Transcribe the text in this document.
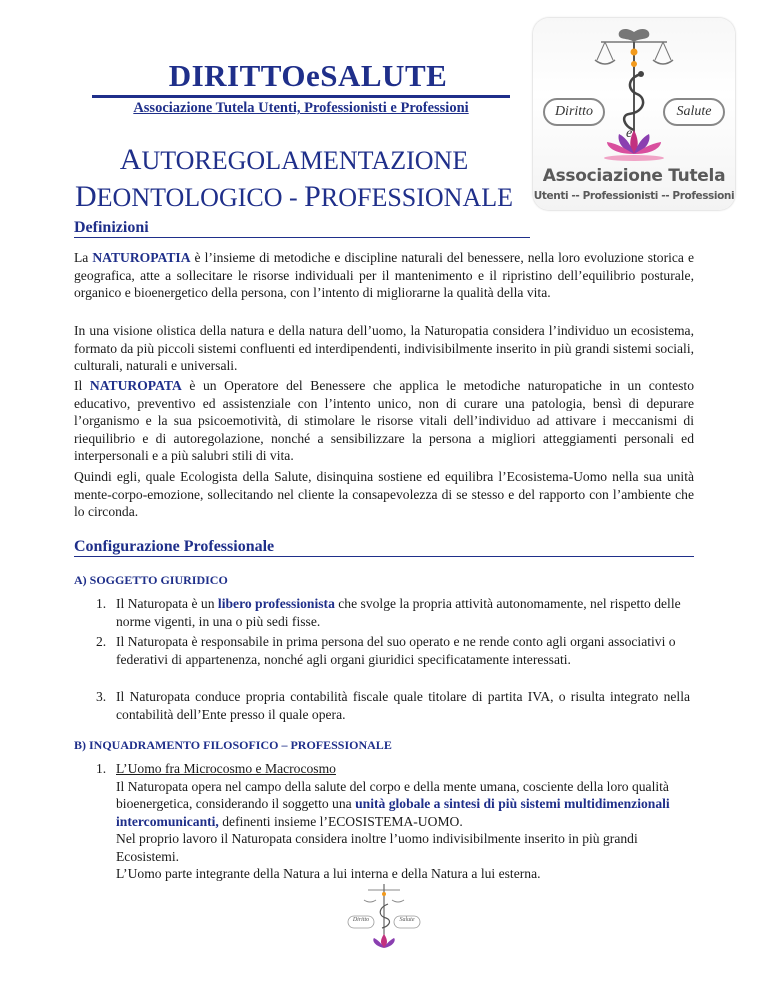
DIRITTOeSALUTE
Associazione Tutela Utenti, Professionisti e Professioni
AUTOREGOLAMENTAZIONE
DEONTOLOGICO - PROFESSIONALE
Diritto	Salute
e
Associazione Tutela
Utenti -- Professionisti -- Professioni
Definizioni
La NATUROPATIA è l’insieme di metodiche e discipline naturali del benessere, nella loro evoluzione storica e geografica, atte a sollecitare le risorse individuali per il mantenimento e il ripristino dell’equilibrio posturale, organico e bioenergetico della persona, con l’intento di migliorarne la qualità della vita.
In una visione olistica della natura e della natura dell’uomo, la Naturopatia considera l’individuo un ecosistema, formato da più piccoli sistemi confluenti ed interdipendenti, indivisibilmente inserito in più grandi sistemi sociali, culturali, naturali e universali.
Il NATUROPATA è un Operatore del Benessere che applica le metodiche naturopatiche in un contesto educativo, preventivo ed assistenziale con l’intento unico, non di curare una patologia, bensì di depurare l’organismo e la sua psicoemotività, di stimolare le risorse vitali dell’individuo ad attivare i meccanismi di riequilibrio e di autoregolazione, nonché a sensibilizzare la persona a migliori atteggiamenti personali ed interpersonali e a più salubri stili di vita.
Quindi egli, quale Ecologista della Salute, disinquina sostiene ed equilibra l’Ecosistema-Uomo nella sua unità mente-corpo-emozione, sollecitando nel cliente la consapevolezza di se stesso e del rapporto con l’ambiente che lo circonda.
Configurazione Professionale
A) SOGGETTO GIURIDICO
1. Il Naturopata è un libero professionista che svolge la propria attività autonomamente, nel rispetto delle norme vigenti, in una o più sedi fisse.
2. Il Naturopata è responsabile in prima persona del suo operato e ne rende conto agli organi associativi o federativi di appartenenza, nonché agli organi giuridici specificatamente interessati.
3. Il Naturopata conduce propria contabilità fiscale quale titolare di partita IVA, o risulta integrato nella contabilità dell’Ente presso il quale opera.
B) INQUADRAMENTO FILOSOFICO – PROFESSIONALE
1. L’Uomo fra Microcosmo e Macrocosmo
Il Naturopata opera nel campo della salute del corpo e della mente umana, cosciente della loro qualità bioenergetica, considerando il soggetto una unità globale a sintesi di più sistemi multidimenzionali intercomunicanti, definenti insieme l’ECOSISTEMA-UOMO.
Nel proprio lavoro il Naturopata considera inoltre l’uomo indivisibilmente inserito in più grandi Ecosistemi.
L’Uomo parte integrante della Natura a lui interna e della Natura a lui esterna.
Diritto	Salute
